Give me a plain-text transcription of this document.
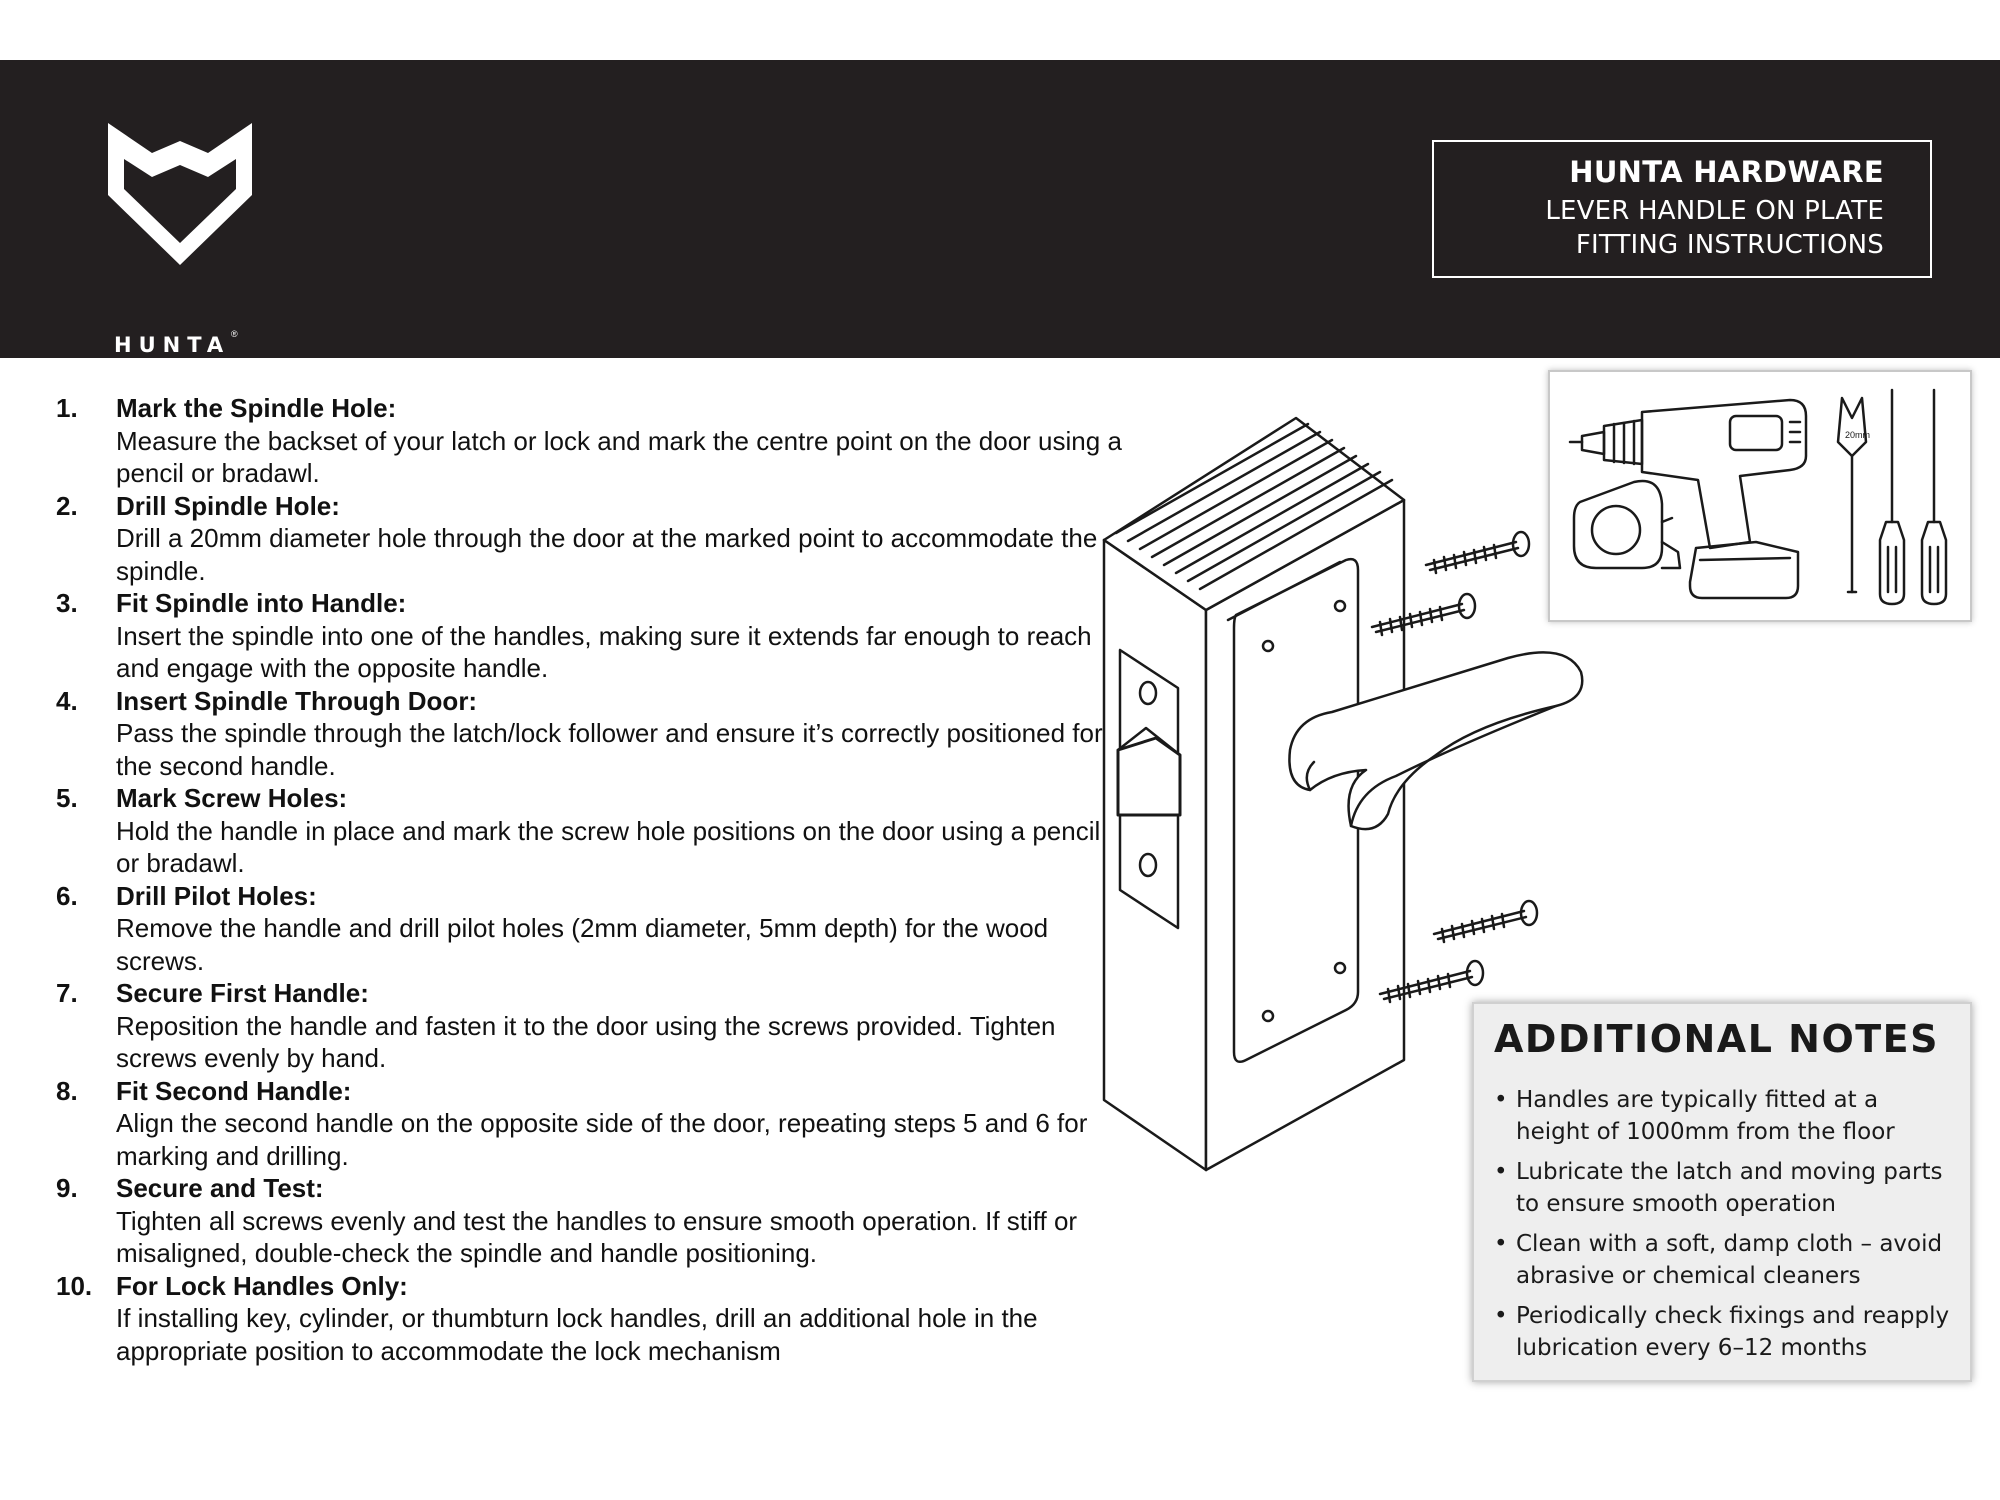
HUNTA ®
HUNTA HARDWARE
LEVER HANDLE ON PLATE
FITTING INSTRUCTIONS
1. Mark the Spindle Hole:
Measure the backset of your latch or lock and mark the centre point on the door using a pencil or bradawl.
2. Drill Spindle Hole:
Drill a 20mm diameter hole through the door at the marked point to accommodate the spindle.
3. Fit Spindle into Handle:
Insert the spindle into one of the handles, making sure it extends far enough to reach and engage with the opposite handle.
4. Insert Spindle Through Door:
Pass the spindle through the latch/lock follower and ensure it’s correctly positioned for the second handle.
5. Mark Screw Holes:
Hold the handle in place and mark the screw hole positions on the door using a pencil or bradawl.
6. Drill Pilot Holes:
Remove the handle and drill pilot holes (2mm diameter, 5mm depth) for the wood screws.
7. Secure First Handle:
Reposition the handle and fasten it to the door using the screws provided. Tighten screws evenly by hand.
8. Fit Second Handle:
Align the second handle on the opposite side of the door, repeating steps 5 and 6 for marking and drilling.
9. Secure and Test:
Tighten all screws evenly and test the handles to ensure smooth operation. If stiff or misaligned, double-check the spindle and handle positioning.
10. For Lock Handles Only:
If installing key, cylinder, or thumbturn lock handles, drill an additional hole in the appropriate position to accommodate the lock mechanism
20mm
ADDITIONAL NOTES
• Handles are typically fitted at a height of 1000mm from the floor
• Lubricate the latch and moving parts to ensure smooth operation
• Clean with a soft, damp cloth – avoid abrasive or chemical cleaners
• Periodically check fixings and reapply lubrication every 6–12 months
